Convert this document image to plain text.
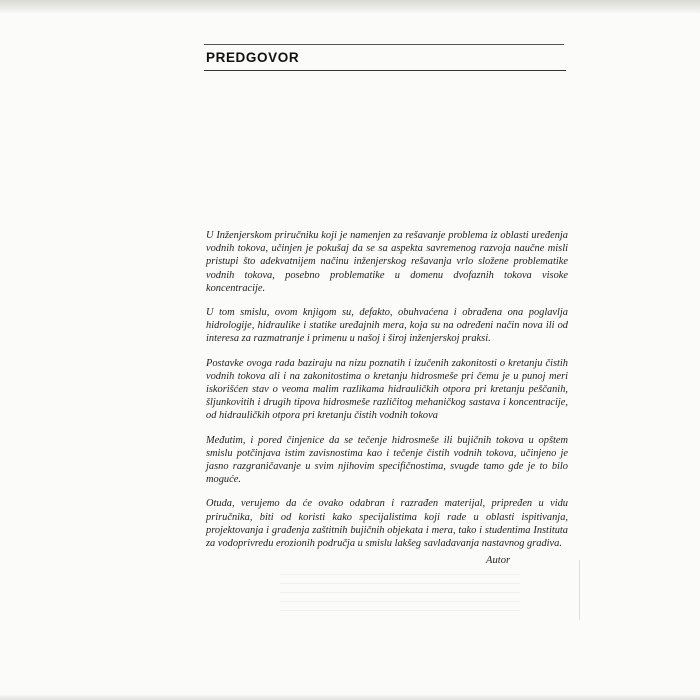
PREDGOVOR

U Inženjerskom priručniku koji je namenjen za rešavanje problema iz oblasti uređenja vodnih tokova, učinjen je pokušaj da se sa aspekta savremenog razvoja naučne misli pristupi što adekvatnijem načinu inženjerskog rešavanja vrlo složene problematike vodnih tokova, posebno problematike u domenu dvofaznih tokova visoke koncentracije.

U tom smislu, ovom knjigom su, defakto, obuhvaćena i obrađena ona poglavlja hidrologije, hidraulike i statike uređajnih mera, koja su na određeni način nova ili od interesa za razmatranje i primenu u našoj i široj inženjerskoj praksi.

Postavke ovoga rada baziraju na nizu poznatih i izučenih zakonitosti o kretanju čistih vodnih tokova ali i na zakonitostima o kretanju hidrosmeše pri čemu je u punoj meri iskorišćen stav o veoma malim razlikama hidrauličkih otpora pri kretanju peščanih, šljunkovitih i drugih tipova hidrosmeše različitog mehaničkog sastava i koncentracije, od hidrauličkih otpora pri kretanju čistih vodnih tokova

Međutim, i pored činjenice da se tečenje hidrosmeše ili bujičnih tokova u opštem smislu potčinjava istim zavisnostima kao i tečenje čistih vodnih tokova, učinjeno je jasno razgraničavanje u svim njihovim specifičnostima, svugde tamo gde je to bilo moguće.

Otuda, verujemo da će ovako odabran i razrađen materijal, pripređen u vidu priručnika, biti od koristi kako specijalistima koji rade u oblasti ispitivanja, projektovanja i građenja zaštitnih bujičnih objekata i mera, tako i studentima Instituta za vodoprivredu erozionih područja u smislu lakšeg savladavanja nastavnog gradiva.

Autor
